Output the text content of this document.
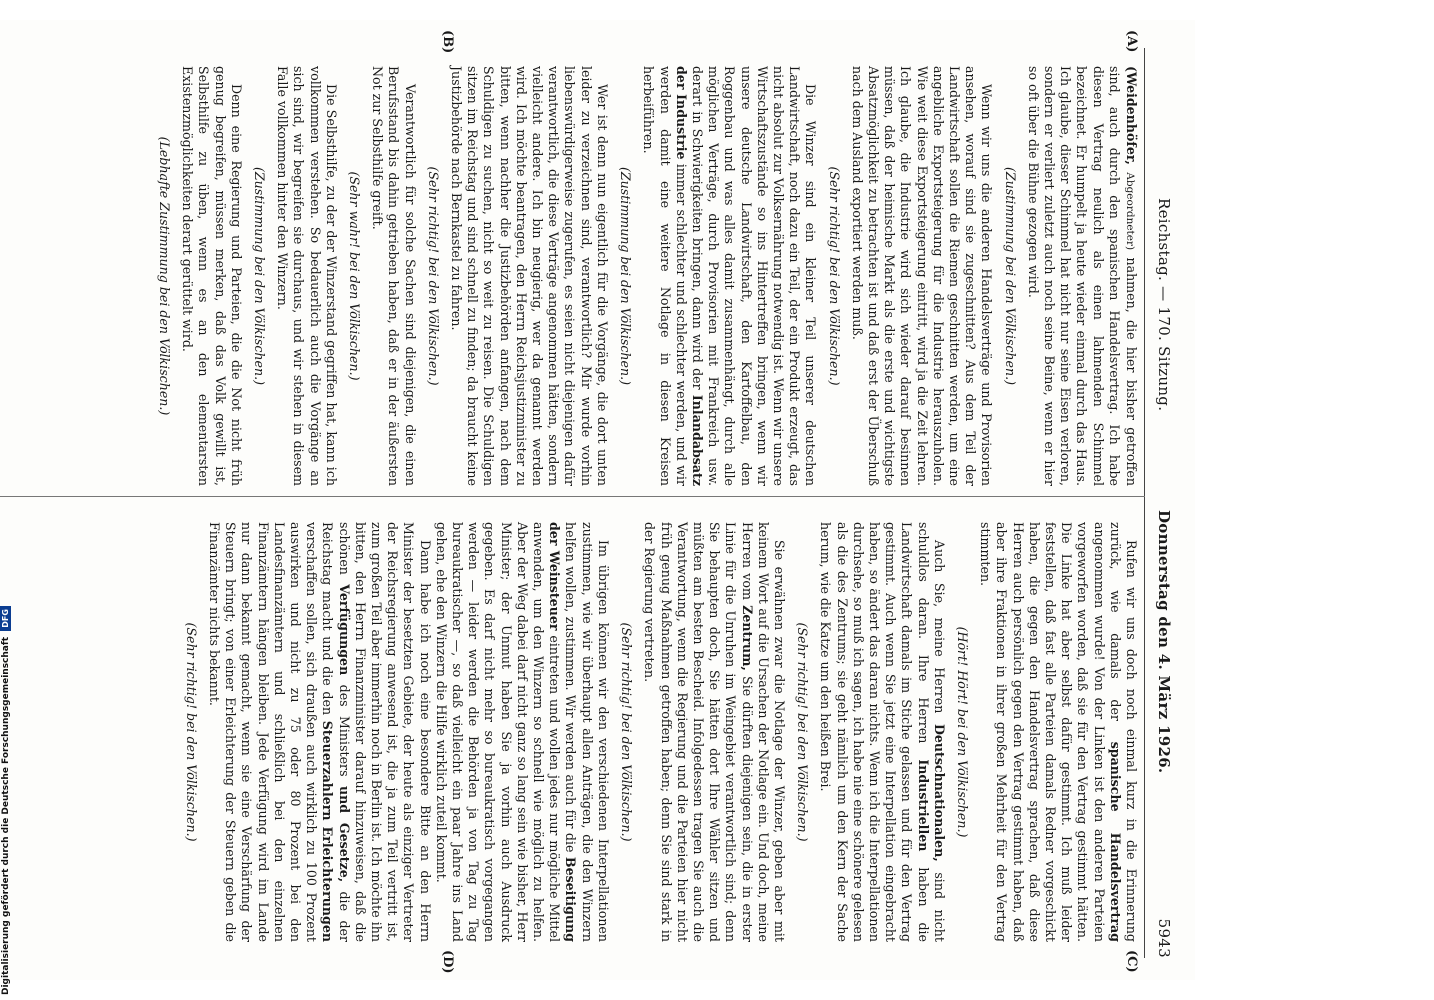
Reichstag. — 170. Sitzung.
Donnerstag den 4. März 1926.
5943
(A)
(B)
(C)
(D)

(Weidenhöfer, Abgeordneter) nahmen, die hier bisher getroffen sind, auch durch den spanischen Handelsvertrag. Ich habe diesen Vertrag neulich als einen lahmenden Schimmel bezeichnet. Er humpelt ja heute wieder einmal durch das Haus. Ich glaube, dieser Schimmel hat nicht nur seine Eisen verloren, sondern er verliert zuletzt auch noch seine Beine, wenn er hier so oft über die Bühne gezogen wird.

(Zustimmung bei den Völkischen.)

Wenn wir uns die anderen Handelsverträge und Provisorien ansehen, worauf sind sie zugeschnitten? Aus dem Teil der Landwirtschaft sollen die Riemen geschnitten werden, um eine angebliche Exportsteigerung für die Industrie herauszuholen. Wie weit diese Exportsteigerung eintritt, wird ja die Zeit lehren. Ich glaube, die Industrie wird sich wieder darauf besinnen müssen, daß der heimische Markt als die erste und wichtigste Absatzmöglichkeit zu betrachten ist und daß erst der Überschuß nach dem Ausland exportiert werden muß.

(Sehr richtig! bei den Völkischen.)

Die Winzer sind ein kleiner Teil unserer deutschen Landwirtschaft, noch dazu ein Teil, der ein Produkt erzeugt, das nicht absolut zur Volksernährung notwendig ist. Wenn wir unsere Wirtschaftszustände so ins Hintertreffen bringen, wenn wir unsere deutsche Landwirtschaft, den Kartoffelbau, den Roggenbau und was alles damit zusammenhängt, durch alle möglichen Verträge, durch Provisorien mit Frankreich usw. derart in Schwierigkeiten bringen, dann wird der Inlandabsatz der Industrie immer schlechter und schlechter werden, und wir werden damit eine weitere Notlage in diesen Kreisen herbeiführen.

(Zustimmung bei den Völkischen.)

Wer ist denn nun eigentlich für die Vorgänge, die dort unten leider zu verzeichnen sind, verantwortlich? Mir wurde vorhin liebenswürdigerweise zugerufen, es seien nicht diejenigen dafür verantwortlich, die diese Verträge angenommen hätten, sondern vielleicht andere. Ich bin neugierig, wer da genannt werden wird. Ich möchte beantragen, den Herrn Reichsjustizminister zu bitten, wenn nachher die Justizbehörden anfangen, nach dem Schuldigen zu suchen, nicht so weit zu reisen. Die Schuldigen sitzen im Reichstag und sind schnell zu finden; da braucht keine Justizbehörde nach Bernkastel zu fahren.

(Sehr richtig! bei den Völkischen.)

Verantwortlich für solche Sachen sind diejenigen, die einen Berufsstand bis dahin getrieben haben, daß er in der äußersten Not zur Selbsthilfe greift.

(Sehr wahr! bei den Völkischen.)

Die Selbsthilfe, zu der der Winzerstand gegriffen hat, kann ich vollkommen verstehen. So bedauerlich auch die Vorgänge an sich sind, wir begreifen sie durchaus, und wir stehen in diesem Falle vollkommen hinter den Winzern.

(Zustimmung bei den Völkischen.)

Denn eine Regierung und Parteien, die die Not nicht früh genug begreifen, müssen merken, daß das Volk gewillt ist, Selbsthilfe zu üben, wenn es an den elementarsten Existenzmöglichkeiten derart gerüttelt wird.

(Lebhafte Zustimmung bei den Völkischen.)

Rufen wir uns doch noch einmal kurz in die Erinnerung zurück, wie damals der spanische Handelsvertrag angenommen wurde! Von der Linken ist den anderen Parteien vorgeworfen worden, daß sie für den Vertrag gestimmt hätten. Die Linke hat aber selbst dafür gestimmt. Ich muß leider feststellen, daß fast alle Parteien damals Redner vorgeschickt haben, die gegen den Handelsvertrag sprachen, daß diese Herren auch persönlich gegen den Vertrag gestimmt haben, daß aber ihre Fraktionen in ihrer großen Mehrheit für den Vertrag stimmten.

(Hört! Hört! bei den Völkischen.)

Auch Sie, meine Herren Deutschnationalen, sind nicht schuldlos daran. Ihre Herren Industriellen haben die Landwirtschaft damals im Stiche gelassen und für den Vertrag gestimmt. Auch wenn Sie jetzt eine Interpellation eingebracht haben, so ändert das daran nichts. Wenn ich die Interpellationen durchsehe, so muß ich sagen, ich habe nie eine schönere gelesen als die des Zentrums; sie geht nämlich um den Kern der Sache herum, wie die Katze um den heißen Brei.

(Sehr richtig! bei den Völkischen.)

Sie erwähnen zwar die Notlage der Winzer, geben aber mit keinem Wort auf die Ursachen der Notlage ein. Und doch, meine Herren vom Zentrum, Sie dürften diejenigen sein, die in erster Linie für die Unruhen im Weingebiet verantwortlich sind; denn Sie behaupten doch, Sie hätten dort Ihre Wähler sitzen und müßten am besten Bescheid. Infolgedessen tragen Sie auch die Verantwortung, wenn die Regierung und die Parteien hier nicht früh genug Maßnahmen getroffen haben; denn Sie sind stark in der Regierung vertreten.

(Sehr richtig! bei den Völkischen.)

Im übrigen können wir den verschiedenen Interpellationen zustimmen, wie wir überhaupt allen Anträgen, die den Winzern helfen wollen, zustimmen. Wir werden auch für die Beseitigung der Weinsteuer eintreten und wollen jedes nur mögliche Mittel anwenden, um den Winzern so schnell wie möglich zu helfen. Aber der Weg dabei darf nicht ganz so lang sein wie bisher, Herr Minister; der Unmut haben Sie ja vorhin auch Ausdruck gegeben. Es darf nicht mehr so bureaukratisch vorgegangen werden — leider werden die Behörden ja von Tag zu Tag bureaukratischer —, so daß vielleicht ein paar Jahre ins Land gehen, ehe den Winzern die Hilfe wirklich zuteil kommt.

Dann habe ich noch eine besondere Bitte an den Herrn Minister der besetzten Gebiete, der heute als einziger Vertreter der Reichsregierung anwesend ist, die ja zum Teil vertritt ist, zum großen Teil aber immerhin noch in Berlin ist. Ich möchte ihn bitten, den Herrn Finanzminister darauf hinzuweisen, daß die schönen Verfügungen des Ministers und Gesetze, die der Reichstag macht und die den Steuerzahlern Erleichterungen verschaffen sollen, sich draußen auch wirklich zu 100 Prozent auswirken und nicht zu 75 oder 80 Prozent bei den Landesfinanzämtern und schließlich bei den einzelnen Finanzämtern hängen bleiben. Jede Verfügung wird im Lande nur dann bekannt gemacht, wenn sie eine Verschärfung der Steuern bringt; von einer Erleichterung der Steuern geben die Finanzämter nichts bekannt.

(Sehr richtig! bei den Völkischen.)

Digitalisierung gefördert durch die Deutsche Forschungsgemeinschaft DFG
